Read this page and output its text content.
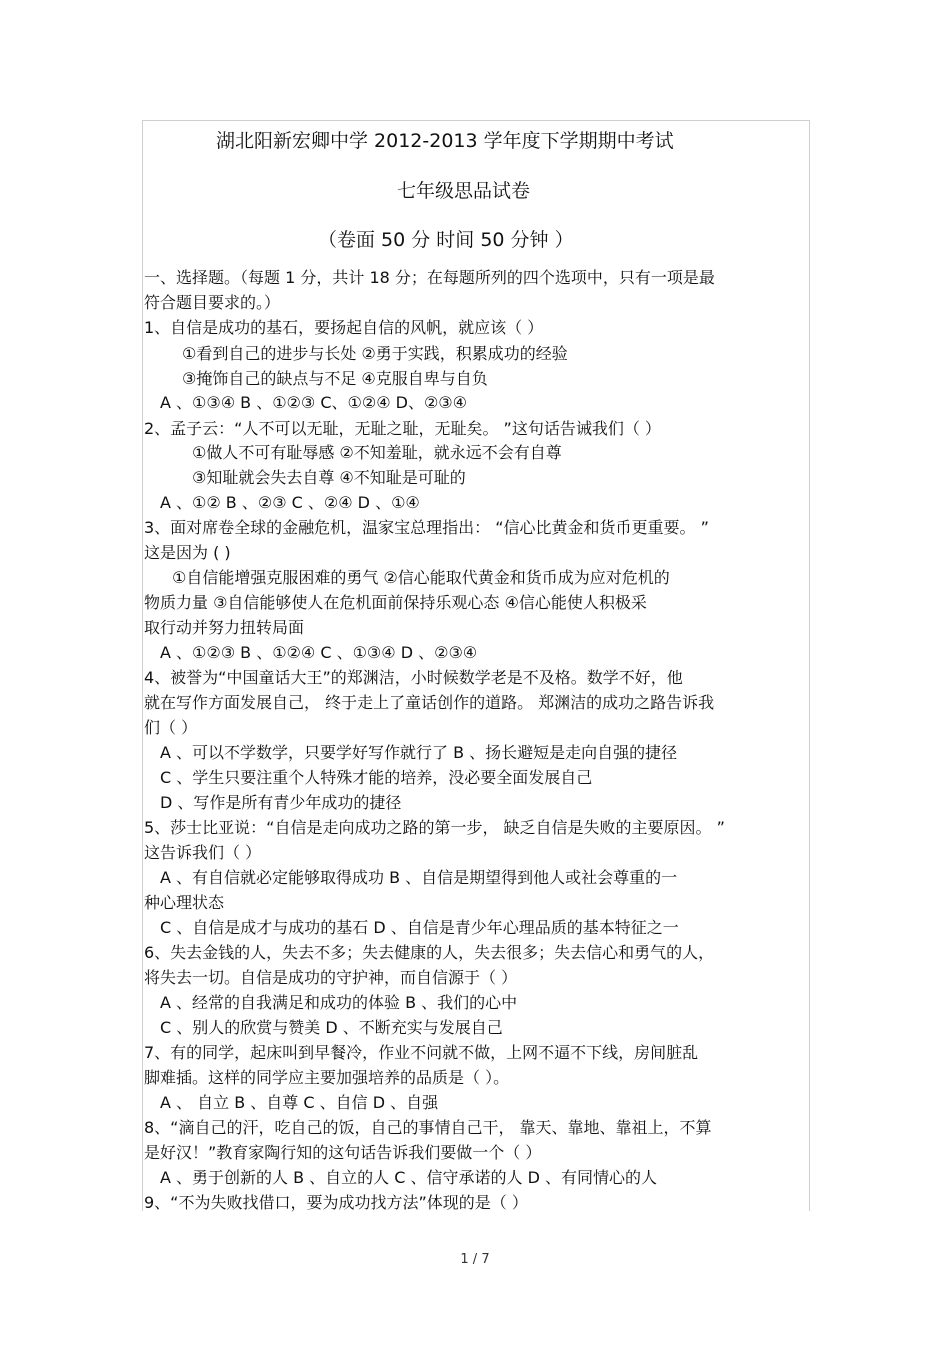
湖北阳新宏卿中学 2012-2013 学年度下学期期中考试
七年级思品试卷
（卷面 50 分 时间 50 分钟 ）
一、选择题。（每题 1 分，共计 18 分；在每题所列的四个选项中，只有一项是最
符合题目要求的。）
1、自信是成功的基石，要扬起自信的风帆，就应该（ ）
①看到自己的进步与长处 ②勇于实践，积累成功的经验
③掩饰自己的缺点与不足 ④克服自卑与自负
A 、①③④ B 、①②③ C、①②④ D、②③④
2、孟子云：“人不可以无耻，无耻之耻，无耻矣。 ”这句话告诫我们（ ）
①做人不可有耻辱感 ②不知羞耻，就永远不会有自尊
③知耻就会失去自尊 ④不知耻是可耻的
A 、①② B 、②③ C 、②④ D 、①④
3、面对席卷全球的金融危机，温家宝总理指出： “信心比黄金和货币更重要。 ”
这是因为 ( )
①自信能增强克服困难的勇气 ②信心能取代黄金和货币成为应对危机的
物质力量 ③自信能够使人在危机面前保持乐观心态 ④信心能使人积极采
取行动并努力扭转局面
A 、①②③ B 、①②④ C 、①③④ D 、②③④
4、被誉为“中国童话大王”的郑渊洁，小时候数学老是不及格。数学不好，他
就在写作方面发展自己， 终于走上了童话创作的道路。 郑渊洁的成功之路告诉我
们（ ）
A 、可以不学数学，只要学好写作就行了 B 、扬长避短是走向自强的捷径
C 、学生只要注重个人特殊才能的培养，没必要全面发展自己
D 、写作是所有青少年成功的捷径
5、莎士比亚说：“自信是走向成功之路的第一步， 缺乏自信是失败的主要原因。 ”
这告诉我们（ ）
A 、有自信就必定能够取得成功 B 、自信是期望得到他人或社会尊重的一
种心理状态
C 、自信是成才与成功的基石 D 、自信是青少年心理品质的基本特征之一
6、失去金钱的人，失去不多；失去健康的人，失去很多；失去信心和勇气的人，
将失去一切。自信是成功的守护神，而自信源于（ ）
A 、经常的自我满足和成功的体验 B 、我们的心中
C 、别人的欣赏与赞美 D 、不断充实与发展自己
7、有的同学，起床叫到早餐冷，作业不问就不做，上网不逼不下线，房间脏乱
脚难插。这样的同学应主要加强培养的品质是（ ）。
A 、 自立 B 、自尊 C 、自信 D 、自强
8、“滴自己的汗，吃自己的饭，自己的事情自己干， 靠天、靠地、靠祖上，不算
是好汉！”教育家陶行知的这句话告诉我们要做一个（ ）
A 、勇于创新的人 B 、自立的人 C 、信守承诺的人 D 、有同情心的人
9、“不为失败找借口，要为成功找方法”体现的是（ ）
1 / 7
